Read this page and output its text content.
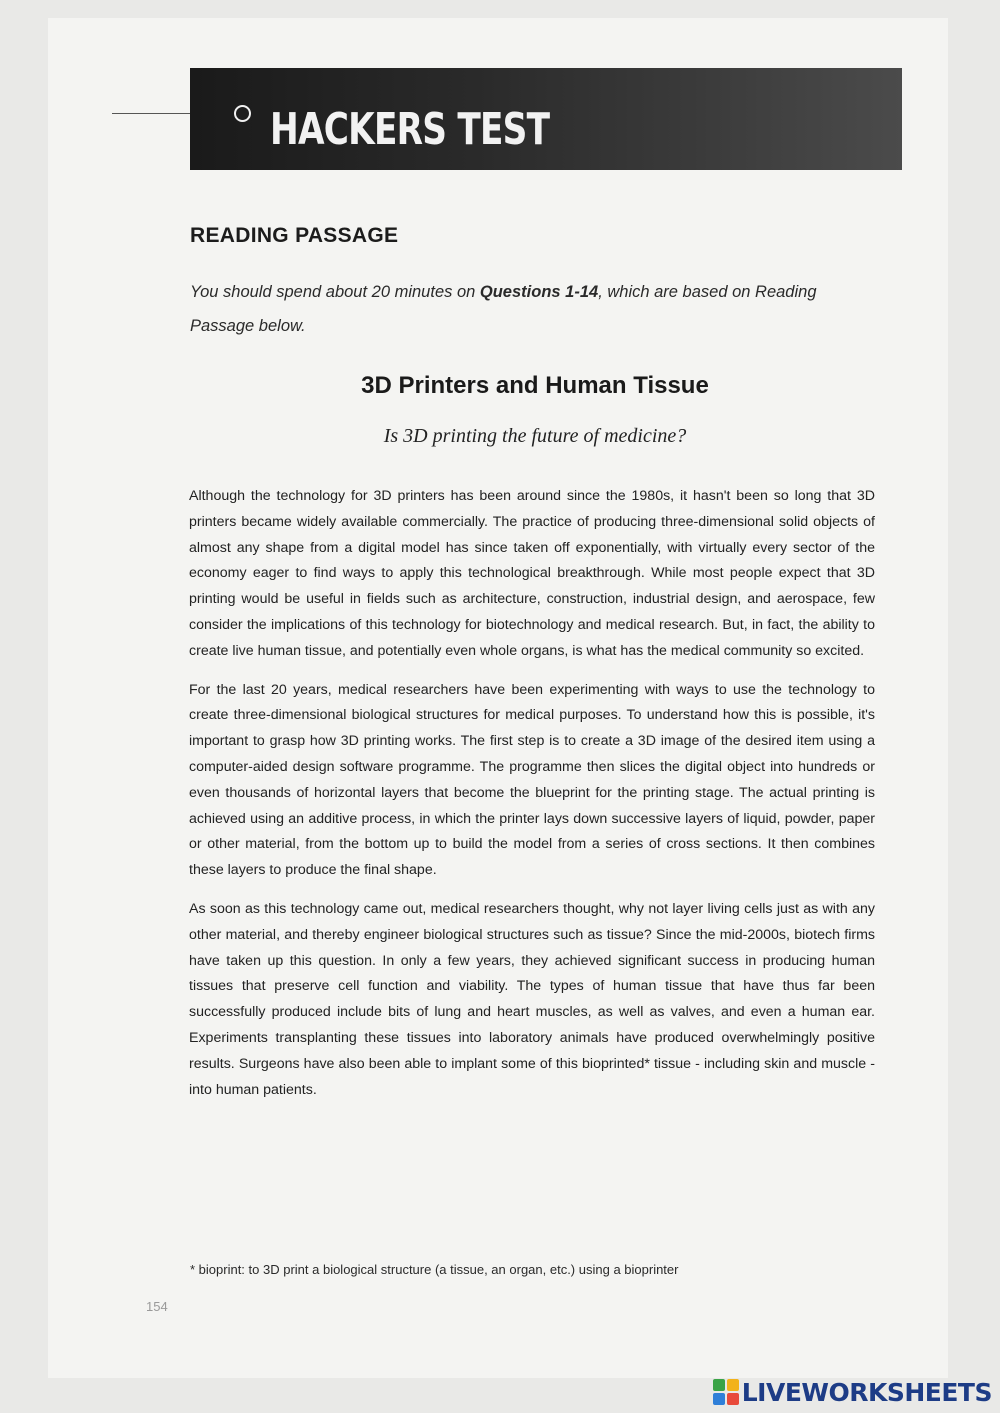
HACKERS TEST
READING PASSAGE
You should spend about 20 minutes on Questions 1-14, which are based on Reading Passage below.
3D Printers and Human Tissue
Is 3D printing the future of medicine?

Although the technology for 3D printers has been around since the 1980s, it hasn't been so long that 3D printers became widely available commercially. The practice of producing three-dimensional solid objects of almost any shape from a digital model has since taken off exponentially, with virtually every sector of the economy eager to find ways to apply this technological breakthrough. While most people expect that 3D printing would be useful in fields such as architecture, construction, industrial design, and aerospace, few consider the implications of this technology for biotechnology and medical research. But, in fact, the ability to create live human tissue, and potentially even whole organs, is what has the medical community so excited.

For the last 20 years, medical researchers have been experimenting with ways to use the technology to create three-dimensional biological structures for medical purposes. To understand how this is possible, it's important to grasp how 3D printing works. The first step is to create a 3D image of the desired item using a computer-aided design software programme. The programme then slices the digital object into hundreds or even thousands of horizontal layers that become the blueprint for the printing stage. The actual printing is achieved using an additive process, in which the printer lays down successive layers of liquid, powder, paper or other material, from the bottom up to build the model from a series of cross sections. It then combines these layers to produce the final shape.

As soon as this technology came out, medical researchers thought, why not layer living cells just as with any other material, and thereby engineer biological structures such as tissue? Since the mid-2000s, biotech firms have taken up this question. In only a few years, they achieved significant success in producing human tissues that preserve cell function and viability. The types of human tissue that have thus far been successfully produced include bits of lung and heart muscles, as well as valves, and even a human ear. Experiments transplanting these tissues into laboratory animals have produced overwhelmingly positive results. Surgeons have also been able to implant some of this bioprinted* tissue - including skin and muscle - into human patients.

* bioprint: to 3D print a biological structure (a tissue, an organ, etc.) using a bioprinter
154
LIVEWORKSHEETS
